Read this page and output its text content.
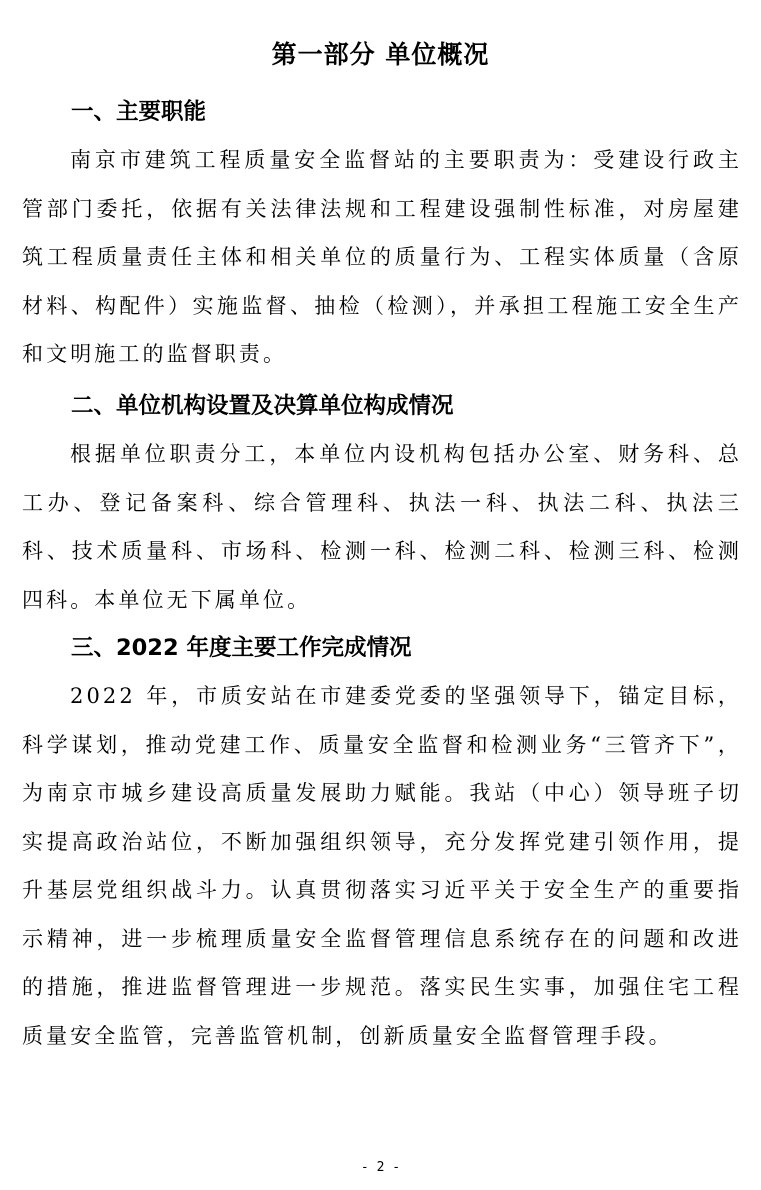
第一部分 单位概况
一、主要职能

南京市建筑工程质量安全监督站的主要职责为：受建设行政主管部门委托，依据有关法律法规和工程建设强制性标准，对房屋建筑工程质量责任主体和相关单位的质量行为、工程实体质量（含原材料、构配件）实施监督、抽检（检测），并承担工程施工安全生产和文明施工的监督职责。

二、单位机构设置及决算单位构成情况

根据单位职责分工，本单位内设机构包括办公室、财务科、总工办、登记备案科、综合管理科、执法一科、执法二科、执法三科、技术质量科、市场科、检测一科、检测二科、检测三科、检测四科。本单位无下属单位。

三、2022 年度主要工作完成情况

2022 年，市质安站在市建委党委的坚强领导下，锚定目标，科学谋划，推动党建工作、质量安全监督和检测业务“三管齐下”，为南京市城乡建设高质量发展助力赋能。我站（中心）领导班子切实提高政治站位，不断加强组织领导，充分发挥党建引领作用，提升基层党组织战斗力。认真贯彻落实习近平关于安全生产的重要指示精神，进一步梳理质量安全监督管理信息系统存在的问题和改进的措施，推进监督管理进一步规范。落实民生实事，加强住宅工程质量安全监管，完善监管机制，创新质量安全监督管理手段。

- 2 -
